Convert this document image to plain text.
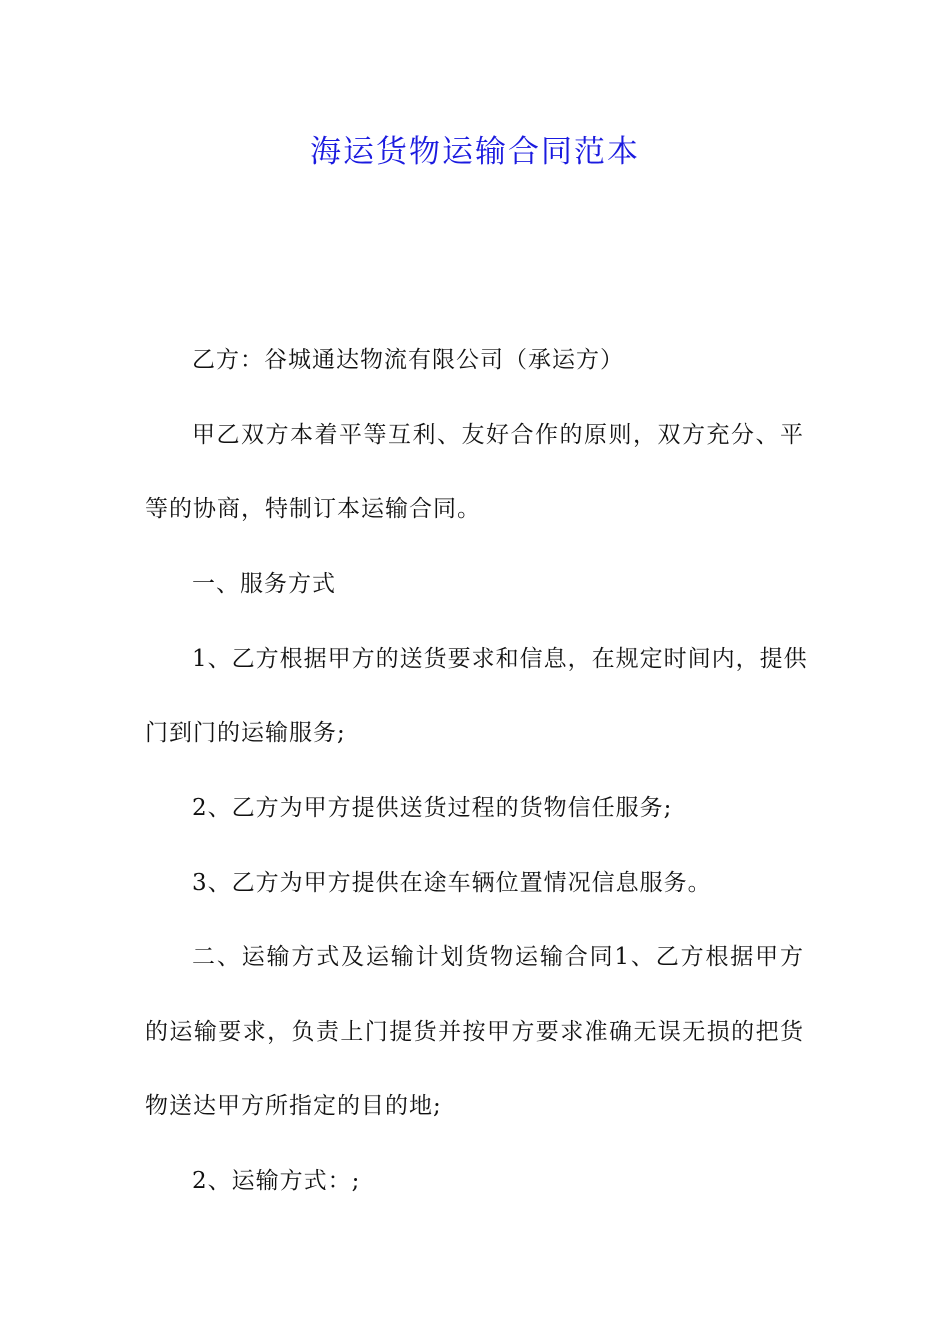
海运货物运输合同范本
乙方：谷城通达物流有限公司（承运方）
甲乙双方本着平等互利、友好合作的原则，双方充分、平
等的协商，特制订本运输合同。
一、服务方式
1、乙方根据甲方的送货要求和信息，在规定时间内，提供
门到门的运输服务;
2、乙方为甲方提供送货过程的货物信任服务;
3、乙方为甲方提供在途车辆位置情况信息服务。
二、运输方式及运输计划货物运输合同1、乙方根据甲方
的运输要求，负责上门提货并按甲方要求准确无误无损的把货
物送达甲方所指定的目的地;
2、运输方式：;
